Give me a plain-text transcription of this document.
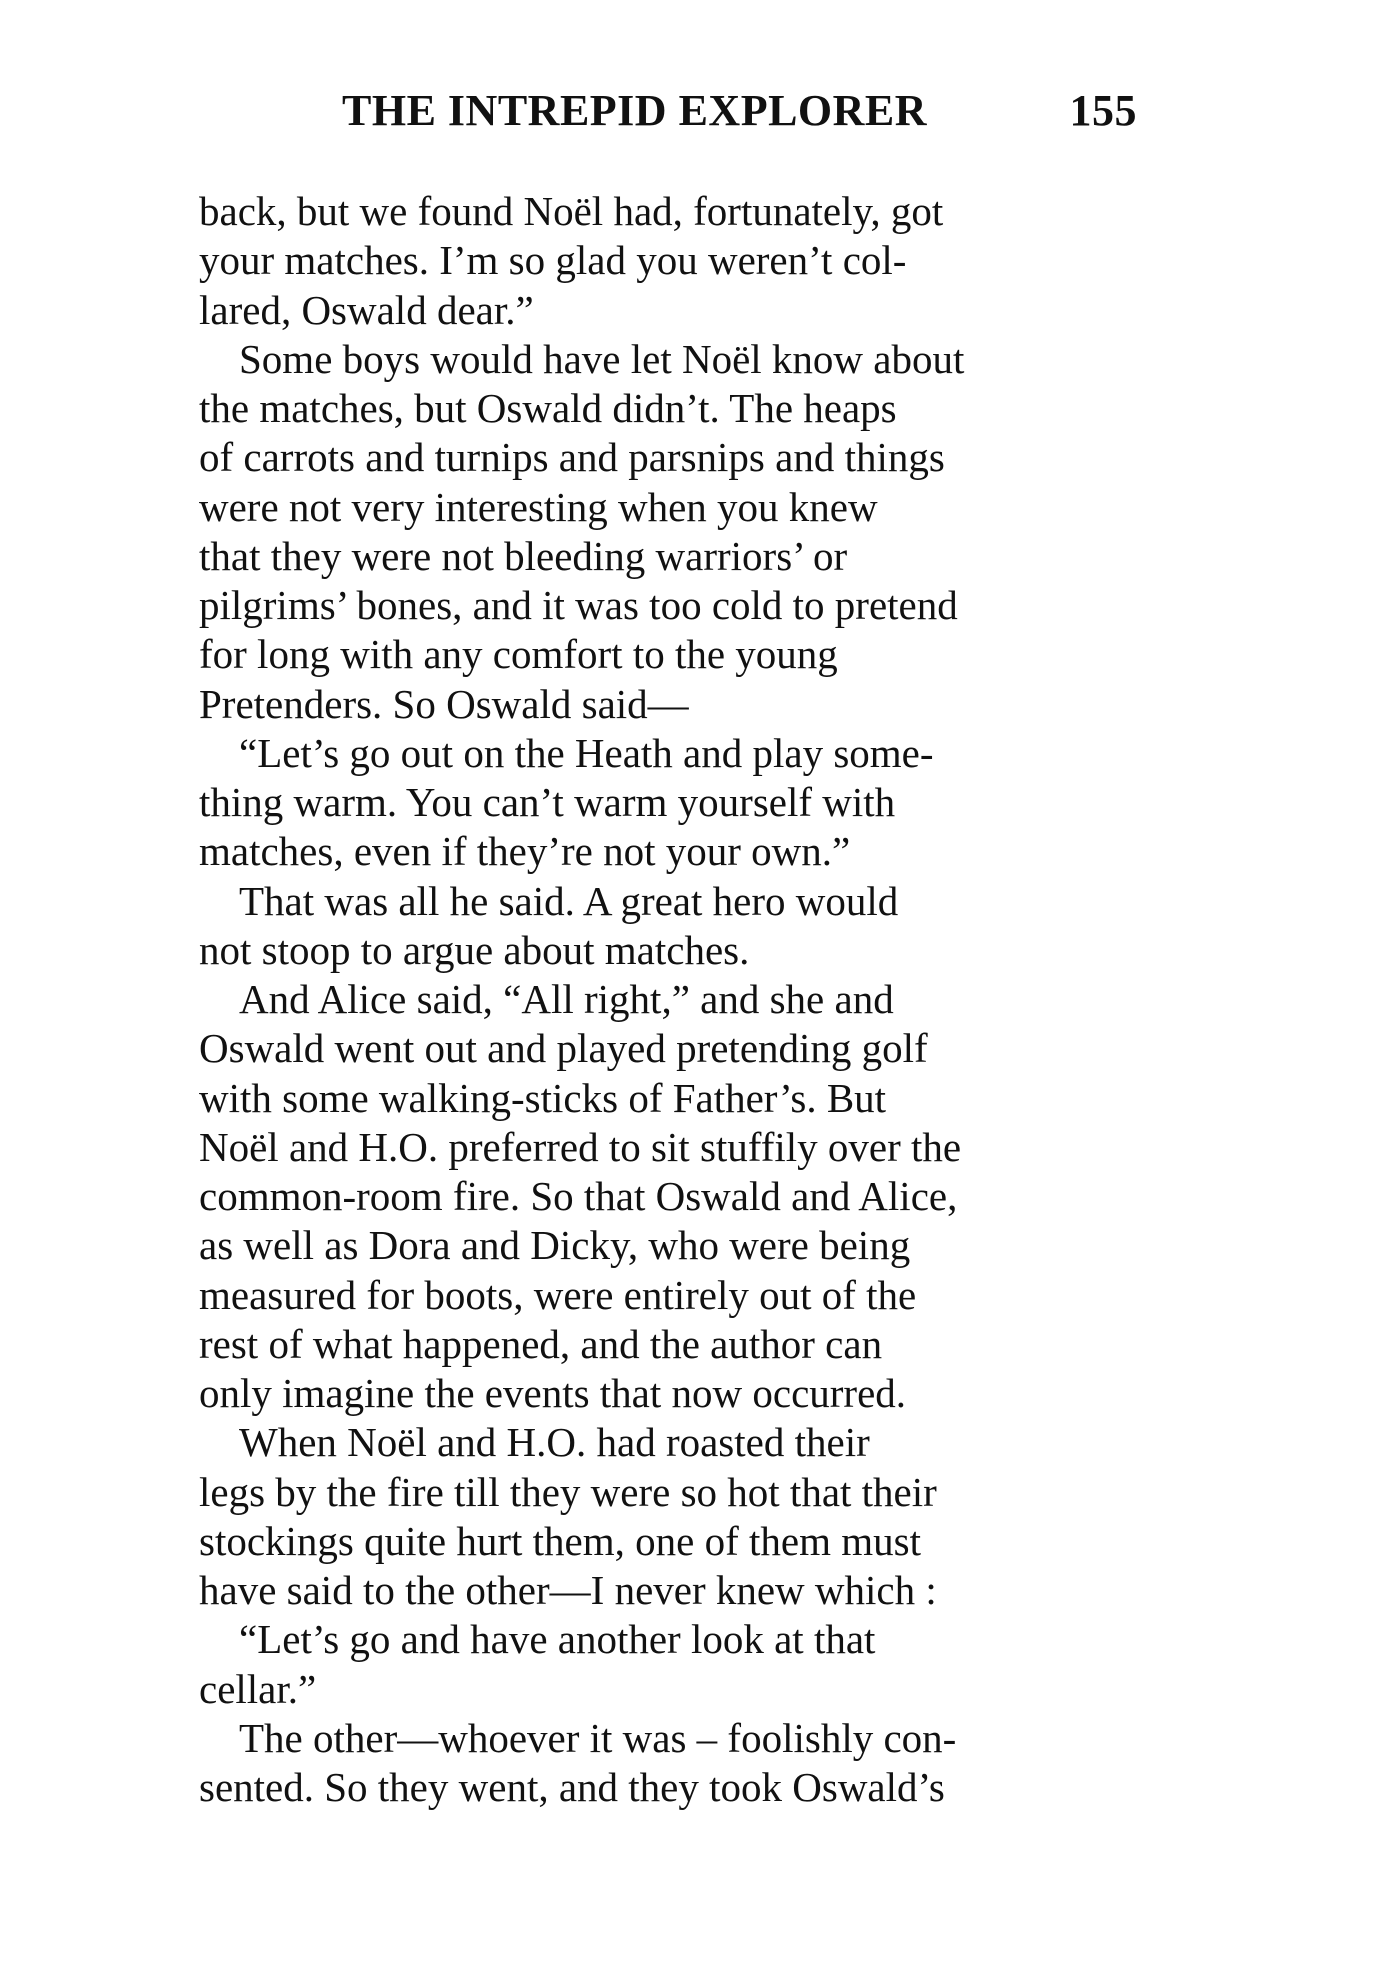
THE INTREPID EXPLORER	155
back, but we found Noël had, fortunately, got
your matches. I’m so glad you weren’t col-
lared, Oswald dear.”
Some boys would have let Noël know about
the matches, but Oswald didn’t. The heaps
of carrots and turnips and parsnips and things
were not very interesting when you knew
that they were not bleeding warriors’ or
pilgrims’ bones, and it was too cold to pretend
for long with any comfort to the young
Pretenders. So Oswald said—
“Let’s go out on the Heath and play some-
thing warm. You can’t warm yourself with
matches, even if they’re not your own.”
That was all he said. A great hero would
not stoop to argue about matches.
And Alice said, “All right,” and she and
Oswald went out and played pretending golf
with some walking-sticks of Father’s. But
Noël and H.O. preferred to sit stuffily over the
common-room fire. So that Oswald and Alice,
as well as Dora and Dicky, who were being
measured for boots, were entirely out of the
rest of what happened, and the author can
only imagine the events that now occurred.
When Noël and H.O. had roasted their
legs by the fire till they were so hot that their
stockings quite hurt them, one of them must
have said to the other—I never knew which :
“Let’s go and have another look at that
cellar.”
The other—whoever it was – foolishly con-
sented. So they went, and they took Oswald’s
